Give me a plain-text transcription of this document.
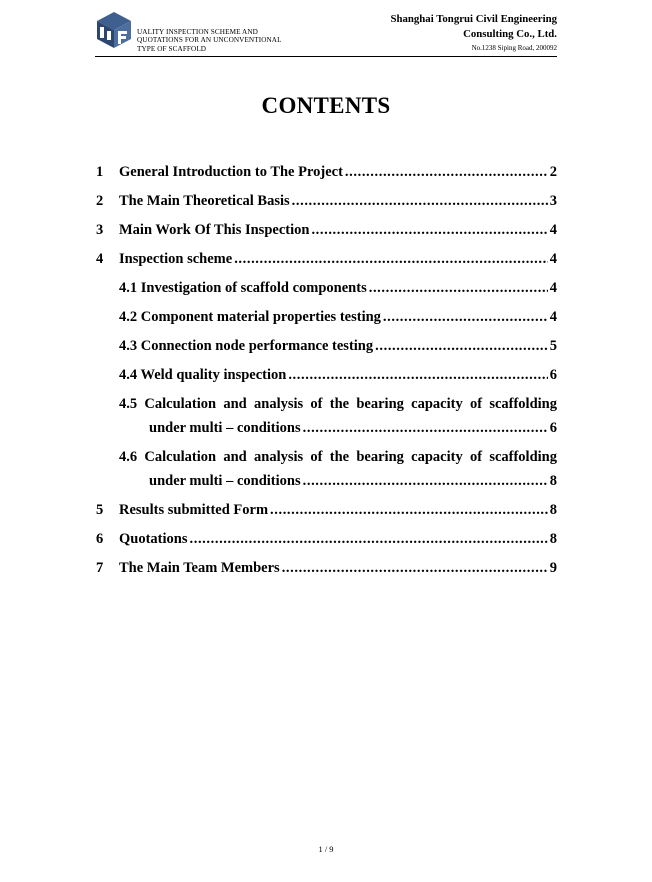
UALITY INSPECTION SCHEME AND
QUOTATIONS FOR AN UNCONVENTIONAL
TYPE OF SCAFFOLD
Shanghai Tongrui Civil Engineering
Consulting Co., Ltd.
No.1238 Siping Road, 200092
CONTENTS
1 General Introduction to The Project .....	2
2 The Main Theoretical Basis .....	3
3 Main Work Of This Inspection .....	4
4 Inspection scheme .....	4
4.1 Investigation of scaffold components .....	4
4.2 Component material properties testing .....	4
4.3 Connection node performance testing .....	5
4.4 Weld quality inspection .....	6
4.5 Calculation and analysis of the bearing capacity of scaffolding
under multi – conditions .....	6
4.6 Calculation and analysis of the bearing capacity of scaffolding
under multi – conditions .....	8
5 Results submitted Form .....	8
6 Quotations .....	8
7 The Main Team Members .....	9
1 / 9
